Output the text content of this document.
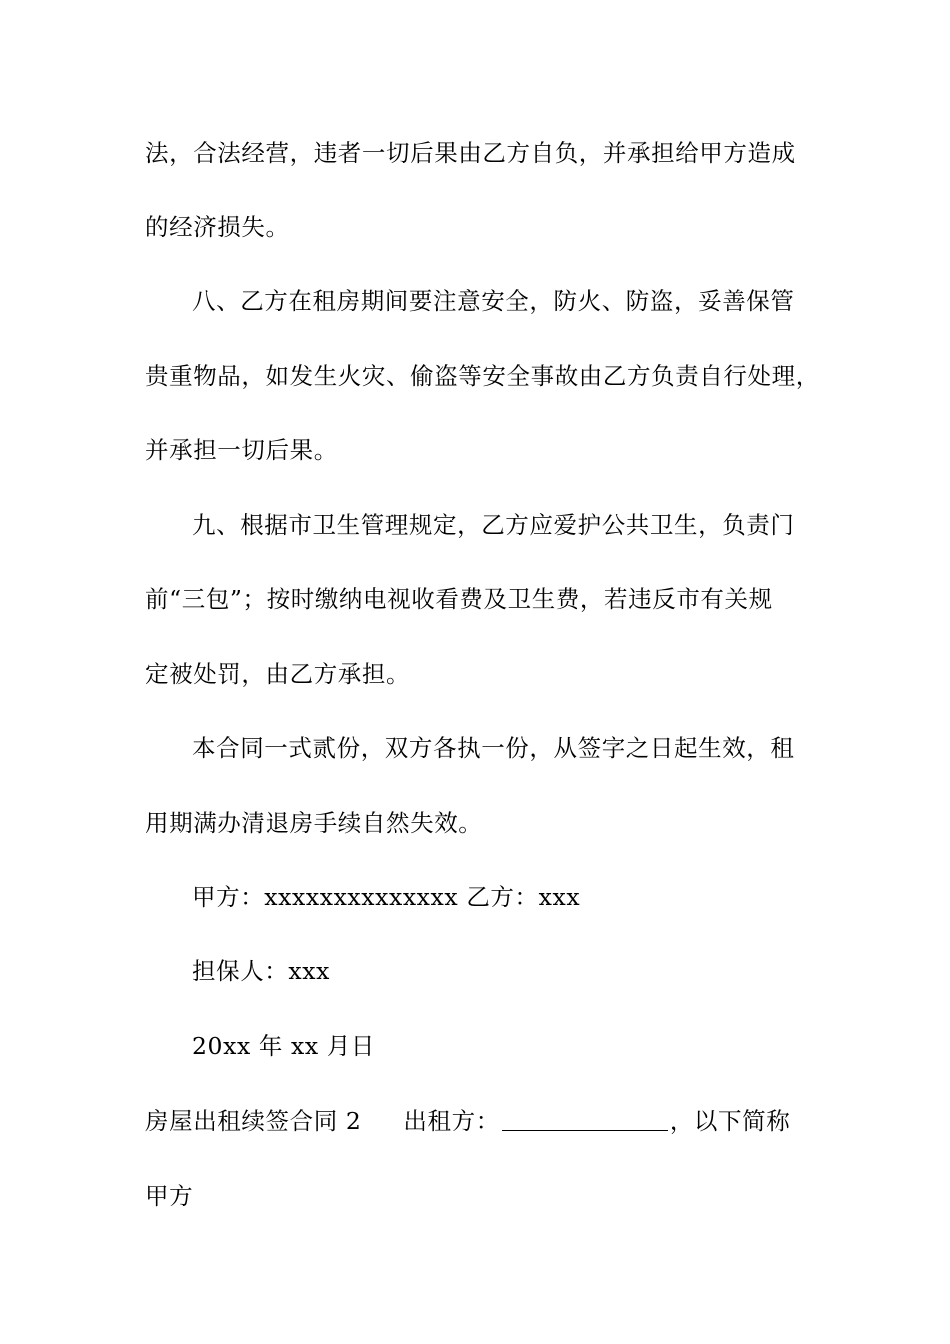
法，合法经营，违者一切后果由乙方自负，并承担给甲方造成
的经济损失。
八、乙方在租房期间要注意安全，防火、防盗，妥善保管
贵重物品，如发生火灾、偷盗等安全事故由乙方负责自行处理，
并承担一切后果。
九、根据市卫生管理规定，乙方应爱护公共卫生，负责门
前“三包”；按时缴纳电视收看费及卫生费，若违反市有关规
定被处罚，由乙方承担。
本合同一式贰份，双方各执一份，从签字之日起生效，租
用期满办清退房手续自然失效。
甲方：xxxxxxxxxxxxxx 乙方：xxx
担保人：xxx
20xx 年 xx 月日
房屋出租续签合同 2 出租方：	，以下简称
甲方
